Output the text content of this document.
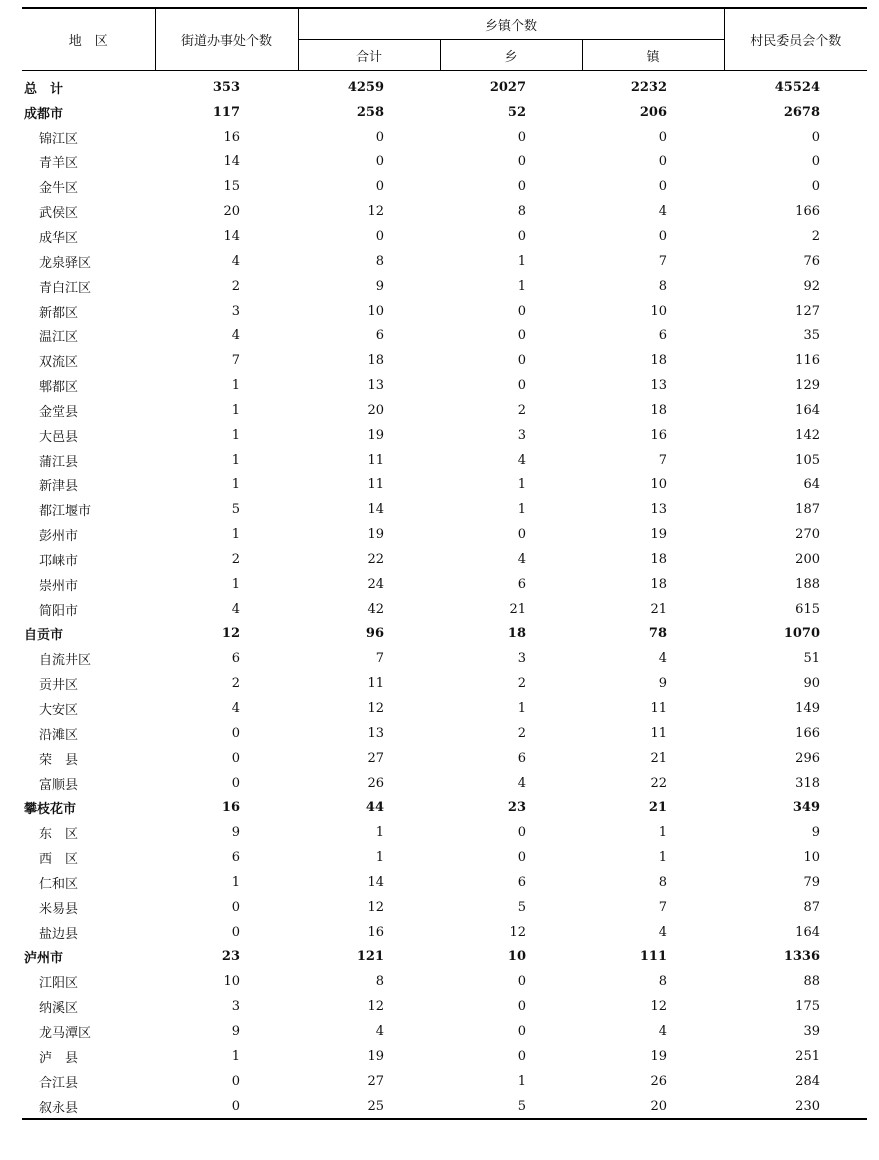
地　区	街道办事处个数	乡镇个数			村民委员会个数
		合计	乡	镇	
总　计	353	4259	2027	2232	45524
成都市	117	258	52	206	2678
锦江区	16	0	0	0	0
青羊区	14	0	0	0	0
金牛区	15	0	0	0	0
武侯区	20	12	8	4	166
成华区	14	0	0	0	2
龙泉驿区	4	8	1	7	76
青白江区	2	9	1	8	92
新都区	3	10	0	10	127
温江区	4	6	0	6	35
双流区	7	18	0	18	116
郫都区	1	13	0	13	129
金堂县	1	20	2	18	164
大邑县	1	19	3	16	142
蒲江县	1	11	4	7	105
新津县	1	11	1	10	64
都江堰市	5	14	1	13	187
彭州市	1	19	0	19	270
邛崃市	2	22	4	18	200
崇州市	1	24	6	18	188
简阳市	4	42	21	21	615
自贡市	12	96	18	78	1070
自流井区	6	7	3	4	51
贡井区	2	11	2	9	90
大安区	4	12	1	11	149
沿滩区	0	13	2	11	166
荣　县	0	27	6	21	296
富顺县	0	26	4	22	318
攀枝花市	16	44	23	21	349
东　区	9	1	0	1	9
西　区	6	1	0	1	10
仁和区	1	14	6	8	79
米易县	0	12	5	7	87
盐边县	0	16	12	4	164
泸州市	23	121	10	111	1336
江阳区	10	8	0	8	88
纳溪区	3	12	0	12	175
龙马潭区	9	4	0	4	39
泸　县	1	19	0	19	251
合江县	0	27	1	26	284
叙永县	0	25	5	20	230
